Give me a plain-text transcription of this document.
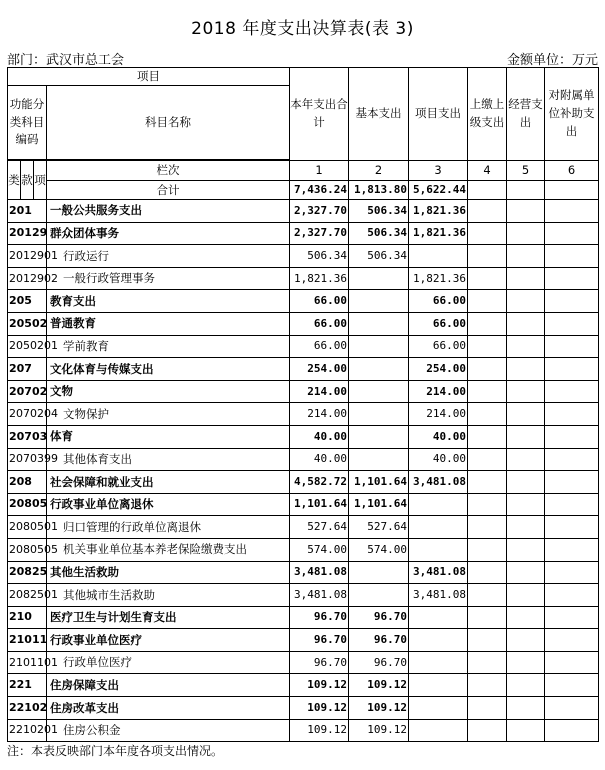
2018 年度支出决算表(表 3)
部门：武汉市总工会	金额单位：万元
项目				本年支出合计	基本支出	项目支出	上缴上级支出	经营支出	对附属单位补助支出
功能分类科目编码			科目名称						

类	款	项	栏次	1	2	3	4	5	6
			合计	7,436.24	1,813.80	5,622.44			
201			一般公共服务支出	2,327.70	506.34	1,821.36			
20129			群众团体事务	2,327.70	506.34	1,821.36			
2012901			行政运行	506.34	506.34				
2012902			一般行政管理事务	1,821.36		1,821.36			
205			教育支出	66.00		66.00			
20502			普通教育	66.00		66.00			
2050201			学前教育	66.00		66.00			
207			文化体育与传媒支出	254.00		254.00			
20702			文物	214.00		214.00			
2070204			文物保护	214.00		214.00			
20703			体育	40.00		40.00			
2070399			其他体育支出	40.00		40.00			
208			社会保障和就业支出	4,582.72	1,101.64	3,481.08			
20805			行政事业单位离退休	1,101.64	1,101.64				
2080501			归口管理的行政单位离退休	527.64	527.64				
2080505			机关事业单位基本养老保险缴费支出	574.00	574.00				
20825			其他生活救助	3,481.08		3,481.08			
2082501			其他城市生活救助	3,481.08		3,481.08			
210			医疗卫生与计划生育支出	96.70	96.70				
21011			行政事业单位医疗	96.70	96.70				
2101101			行政单位医疗	96.70	96.70				
221			住房保障支出	109.12	109.12				
22102			住房改革支出	109.12	109.12				
2210201			住房公积金	109.12	109.12				
注：本表反映部门本年度各项支出情况。
